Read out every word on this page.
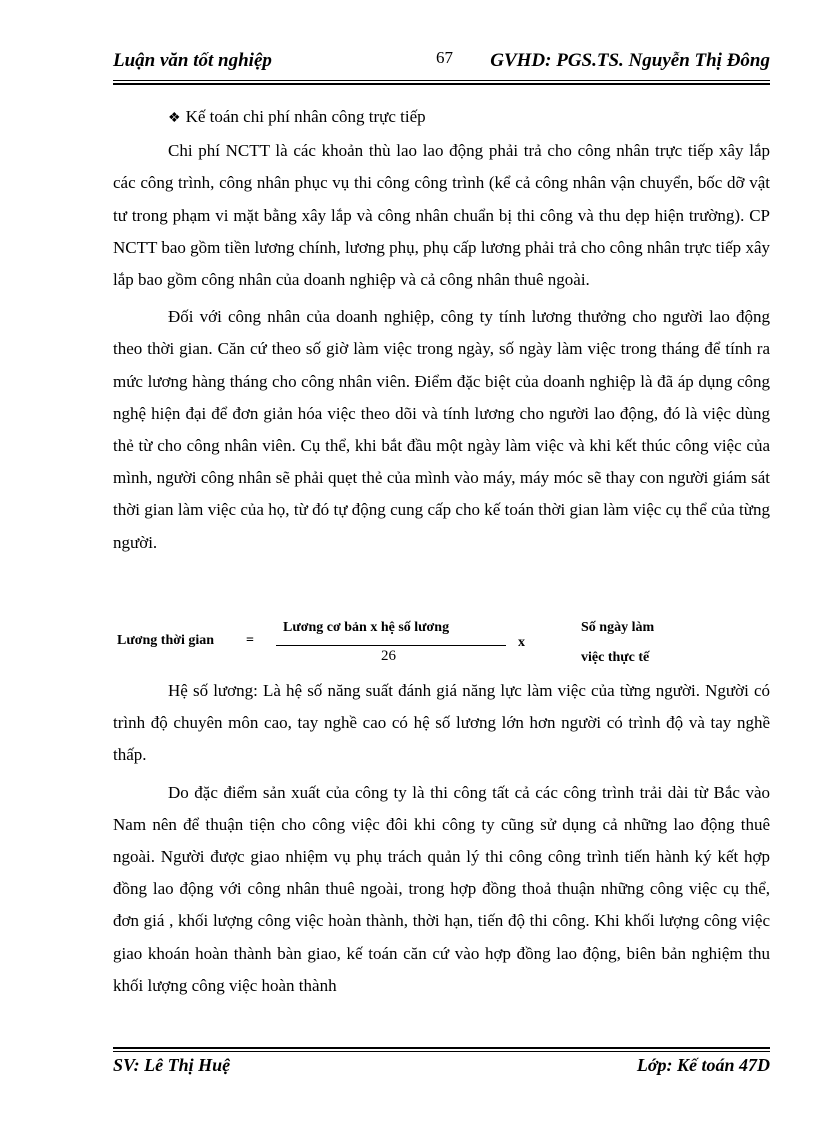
Luận văn tốt nghiệp	67 GVHD: PGS.TS. Nguyễn Thị Đông

❖ Kế toán chi phí nhân công trực tiếp

Chi phí NCTT là các khoản thù lao lao động phải trả cho công nhân trực tiếp xây lắp các công trình, công nhân phục vụ thi công công trình (kể cả công nhân vận chuyển, bốc dỡ vật tư trong phạm vi mặt bằng xây lắp và công nhân chuẩn bị thi công và thu dẹp hiện trường). CP NCTT bao gồm tiền lương chính, lương phụ, phụ cấp lương phải trả cho công nhân trực tiếp xây lắp bao gồm công nhân của doanh nghiệp và cả công nhân thuê ngoài.

Đối với công nhân của doanh nghiệp, công ty tính lương thưởng cho người lao động theo thời gian. Căn cứ theo số giờ làm việc trong ngày, số ngày làm việc trong tháng để tính ra mức lương hàng tháng cho công nhân viên. Điểm đặc biệt của doanh nghiệp là đã áp dụng công nghệ hiện đại để đơn giản hóa việc theo dõi và tính lương cho người lao động, đó là việc dùng thẻ từ cho công nhân viên. Cụ thể, khi bắt đầu một ngày làm việc và khi kết thúc công việc của mình, người công nhân sẽ phải quẹt thẻ của mình vào máy, máy móc sẽ thay con người giám sát thời gian làm việc của họ, từ đó tự động cung cấp cho kế toán thời gian làm việc cụ thể của từng người.

Lương thời gian =
Lương cơ bản x hệ số lương
26
x
Số ngày làm
việc thực tế

Hệ số lương: Là hệ số năng suất đánh giá năng lực làm việc của từng người. Người có trình độ chuyên môn cao, tay nghề cao có hệ số lương lớn hơn người có trình độ và tay nghề thấp.

Do đặc điểm sản xuất của công ty là thi công tất cả các công trình trải dài từ Bắc vào Nam nên để thuận tiện cho công việc đôi khi công ty cũng sử dụng cả những lao động thuê ngoài. Người được giao nhiệm vụ phụ trách quản lý thi công công trình tiến hành ký kết hợp đồng lao động với công nhân thuê ngoài, trong hợp đồng thoả thuận những công việc cụ thể, đơn giá , khối lượng công việc hoàn thành, thời hạn, tiến độ thi công. Khi khối lượng công việc giao khoán hoàn thành bàn giao, kế toán căn cứ vào hợp đồng lao động, biên bản nghiệm thu khối lượng công việc hoàn thành

SV: Lê Thị Huệ	Lớp: Kế toán 47D
